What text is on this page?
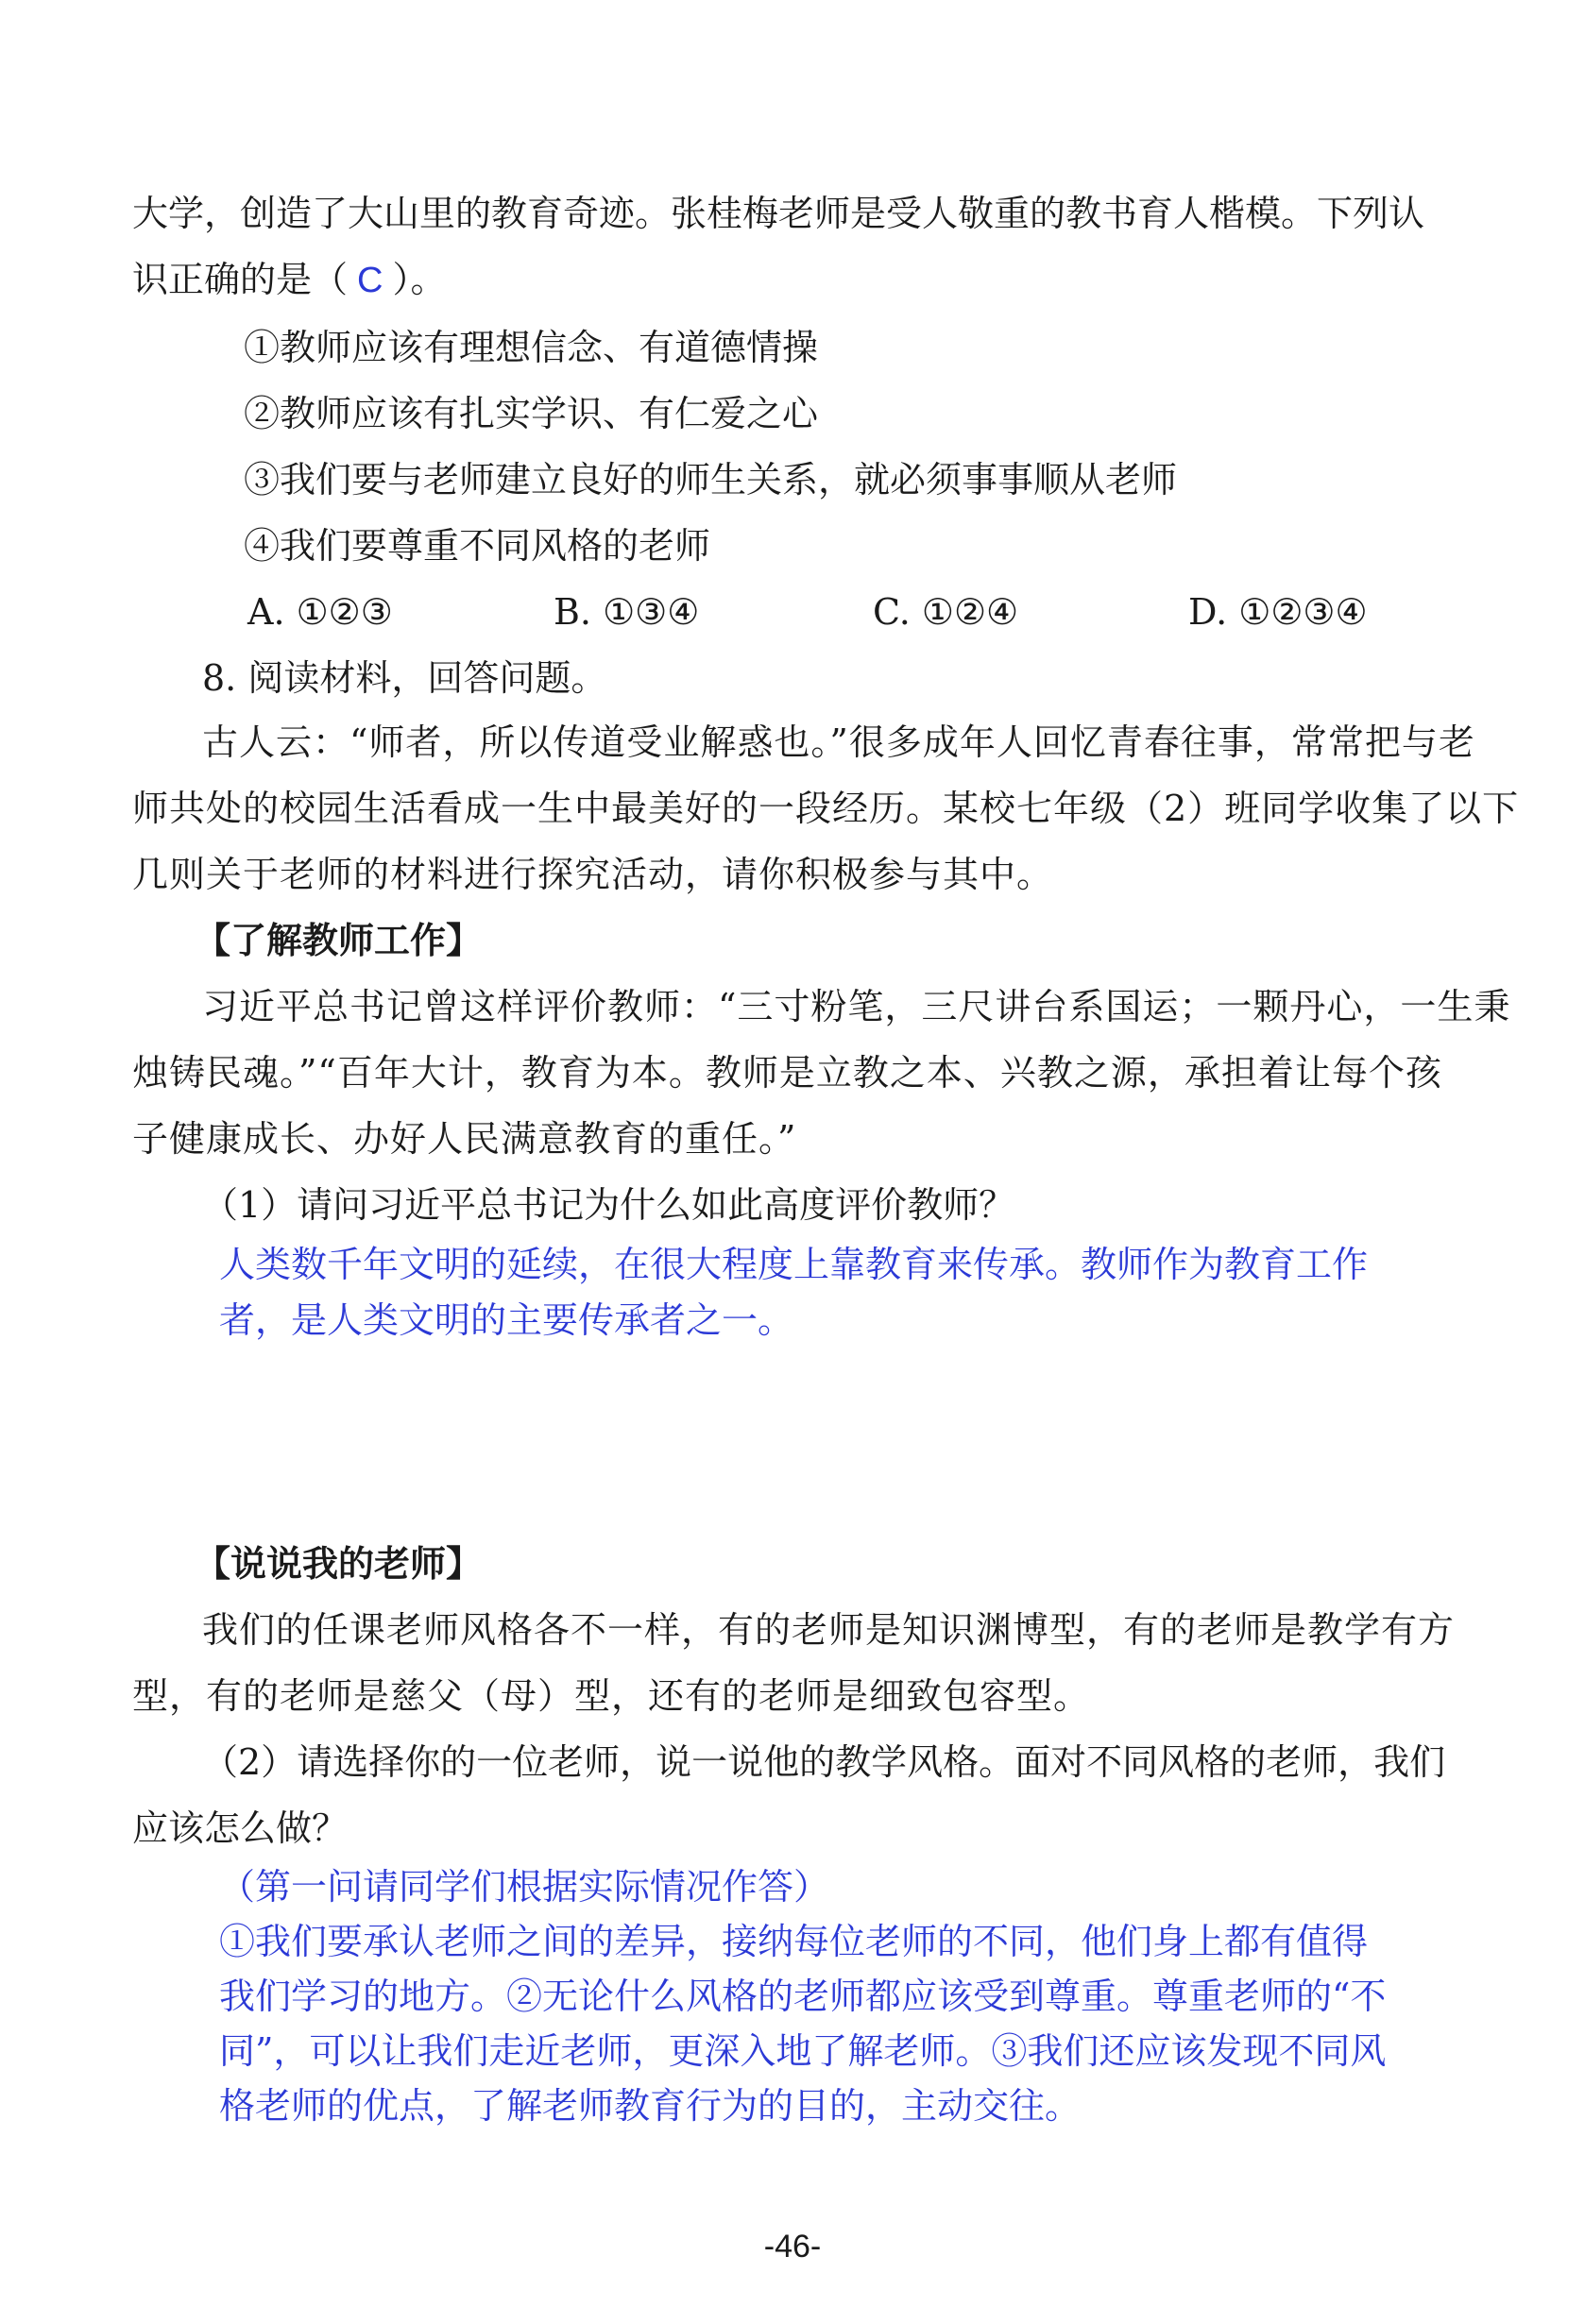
大学，创造了大山里的教育奇迹。张桂梅老师是受人敬重的教书育人楷模。下列认
识正确的是（ C ）。
①教师应该有理想信念、有道德情操
②教师应该有扎实学识、有仁爱之心
③我们要与老师建立良好的师生关系，就必须事事顺从老师
④我们要尊重不同风格的老师
A. ①②③	B. ①③④	C. ①②④	D. ①②③④
8. 阅读材料，回答问题。
古人云：“师者，所以传道受业解惑也。”很多成年人回忆青春往事，常常把与老
师共处的校园生活看成一生中最美好的一段经历。某校七年级（2）班同学收集了以下
几则关于老师的材料进行探究活动，请你积极参与其中。
【了解教师工作】
习近平总书记曾这样评价教师：“三寸粉笔，三尺讲台系国运；一颗丹心，一生秉
烛铸民魂。”“百年大计，教育为本。教师是立教之本、兴教之源，承担着让每个孩
子健康成长、办好人民满意教育的重任。”
（1）请问习近平总书记为什么如此高度评价教师？
人类数千年文明的延续，在很大程度上靠教育来传承。教师作为教育工作
者，是人类文明的主要传承者之一。
【说说我的老师】
我们的任课老师风格各不一样，有的老师是知识渊博型，有的老师是教学有方
型，有的老师是慈父（母）型，还有的老师是细致包容型。
（2）请选择你的一位老师，说一说他的教学风格。面对不同风格的老师，我们
应该怎么做？
（第一问请同学们根据实际情况作答）
①我们要承认老师之间的差异，接纳每位老师的不同，他们身上都有值得
我们学习的地方。②无论什么风格的老师都应该受到尊重。尊重老师的“不
同”，可以让我们走近老师，更深入地了解老师。③我们还应该发现不同风
格老师的优点，了解老师教育行为的目的，主动交往。
-46-
